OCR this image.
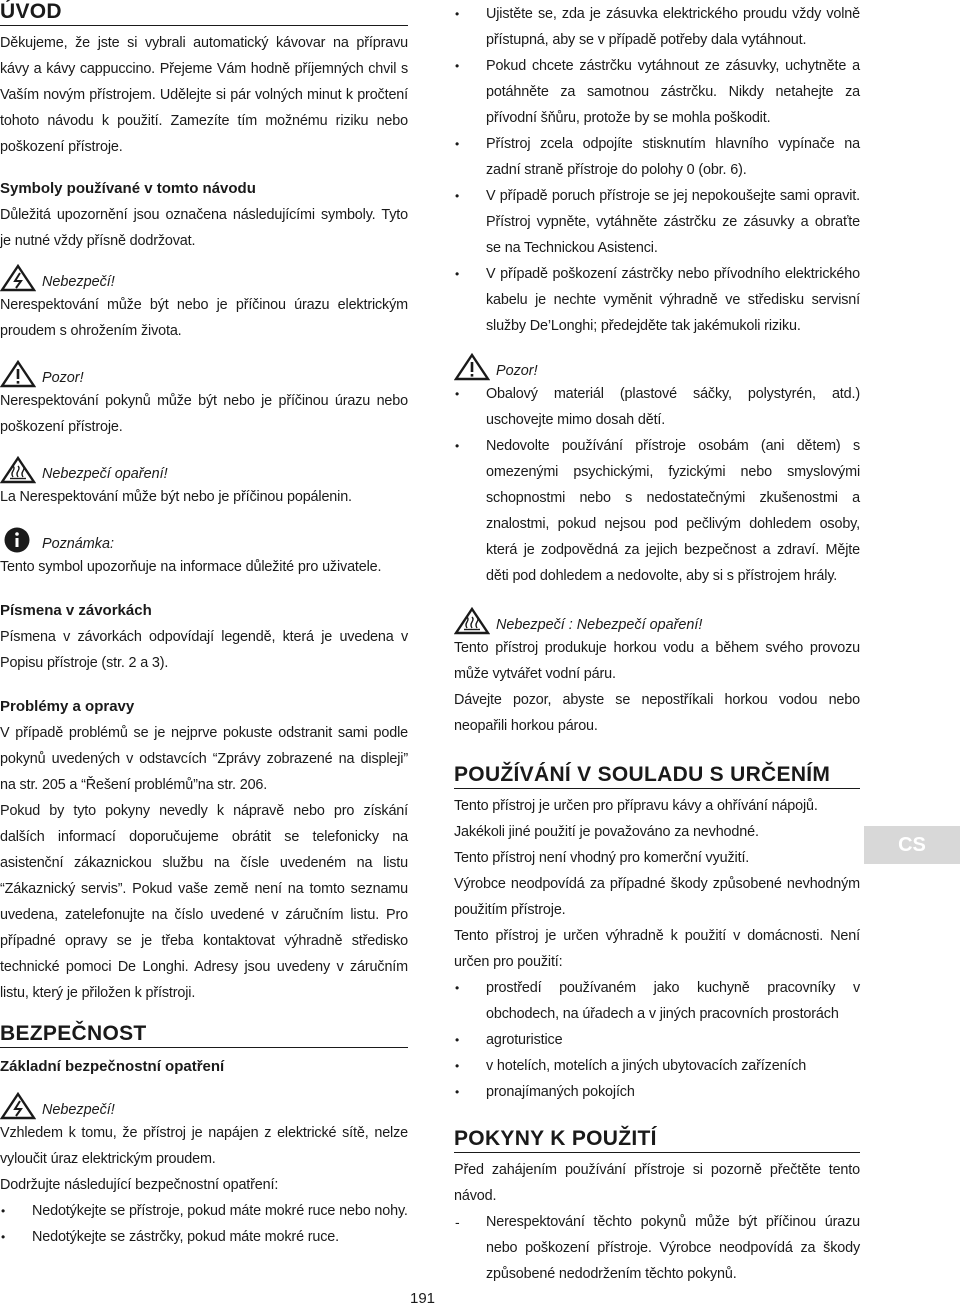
ÚVOD

Děkujeme, že jste si vybrali automatický kávovar na přípravu kávy a kávy cappuccino. Přejeme Vám hodně příjemných chvil s Vaším novým přístrojem. Udělejte si pár volných minut k pročtení tohoto návodu k použití. Zamezíte tím možnému riziku nebo poškození přístroje.

Symboly používané v tomto návodu

Důležitá upozornění jsou označena následujícími symboly. Tyto je nutné vždy přísně dodržovat.

Nebezpečí!

Nerespektování může být nebo je příčinou úrazu elektrickým proudem s ohrožením života.

Pozor!

Nerespektování pokynů může být nebo je příčinou úrazu nebo poškození přístroje.

Nebezpečí opaření!

La Nerespektování může být nebo je příčinou popálenin.

Poznámka:

Tento symbol upozorňuje na informace důležité pro uživatele.

Písmena v závorkách

Písmena v závorkách odpovídají legendě, která je uvedena v Popisu přístroje (str. 2 a 3).

Problémy a opravy

V případě problémů se je nejprve pokuste odstranit sami podle pokynů uvedených v odstavcích “Zprávy zobrazené na displeji” na str. 205 a “Řešení problémů”na str. 206.

Pokud by tyto pokyny nevedly k nápravě nebo pro získání dalších informací doporučujeme obrátit se telefonicky na asistenční zákaznickou službu na čísle uvedeném na listu “Zákaznický servis”. Pokud vaše země není na tomto seznamu uvedena, zatelefonujte na číslo uvedené v záručním listu. Pro případné opravy se je třeba kontaktovat výhradně středisko technické pomoci De Longhi. Adresy jsou uvedeny v záručním listu, který je přiložen k přístroji.

BEZPEČNOST
Základní bezpečnostní opatření
Nebezpečí!

Vzhledem k tomu, že přístroj je napájen z elektrické sítě, nelze vyloučit úraz elektrickým proudem.

Dodržujte následující bezpečnostní opatření:

• Nedotýkejte se přístroje, pokud máte mokré ruce nebo nohy.
• Nedotýkejte se zástrčky, pokud máte mokré ruce.
• Ujistěte se, zda je zásuvka elektrického proudu vždy volně přístupná, aby se v případě potřeby dala vytáhnout.
• Pokud chcete zástrčku vytáhnout ze zásuvky, uchytněte a potáhněte za samotnou zástrčku. Nikdy netahejte za přívodní šňůru, protože by se mohla poškodit.
• Přístroj zcela odpojíte stisknutím hlavního vypínače na zadní straně přístroje do polohy 0 (obr. 6).
• V případě poruch přístroje se jej nepokoušejte sami opravit. Přístroj vypněte, vytáhněte zástrčku ze zásuvky a obraťte se na Technickou Asistenci.
• V případě poškození zástrčky nebo přívodního elektrického kabelu je nechte vyměnit výhradně ve středisku servisní služby De’Longhi; předejděte tak jakémukoli riziku.
Pozor!
• Obalový materiál (plastové sáčky, polystyrén, atd.) uschovejte mimo dosah dětí.
• Nedovolte používání přístroje osobám (ani dětem) s omezenými psychickými, fyzickými nebo smyslovými schopnostmi nebo s nedostatečnými zkušenostmi a znalostmi, pokud nejsou pod pečlivým dohledem osoby, která je zodpovědná za jejich bezpečnost a zdraví. Mějte děti pod dohledem a nedovolte, aby si s přístrojem hrály.
Nebezpečí : Nebezpečí opaření!

Tento přístroj produkuje horkou vodu a během svého provozu může vytvářet vodní páru.

Dávejte pozor, abyste se nepostříkali horkou vodou nebo neopařili horkou párou.

POUŽÍVÁNÍ V SOULADU S URČENÍM

Tento přístroj je určen pro přípravu kávy a ohřívání nápojů.

Jakékoli jiné použití je považováno za nevhodné.

Tento přístroj není vhodný pro komerční využití.

Výrobce neodpovídá za případné škody způsobené nevhodným použitím přístroje.

Tento přístroj je určen výhradně k použití v domácnosti. Není určen pro použití:

• prostředí používaném jako kuchyně pracovníky v obchodech, na úřadech a v jiných pracovních prostorách
• agroturistice
• v hotelích, motelích a jiných ubytovacích zařízeních
• pronajímaných pokojích
POKYNY K POUŽITÍ

Před zahájením používání přístroje si pozorně přečtěte tento návod.

- Nerespektování těchto pokynů může být příčinou úrazu nebo poškození přístroje. Výrobce neodpovídá za škody způsobené nedodržením těchto pokynů.
CS
191
